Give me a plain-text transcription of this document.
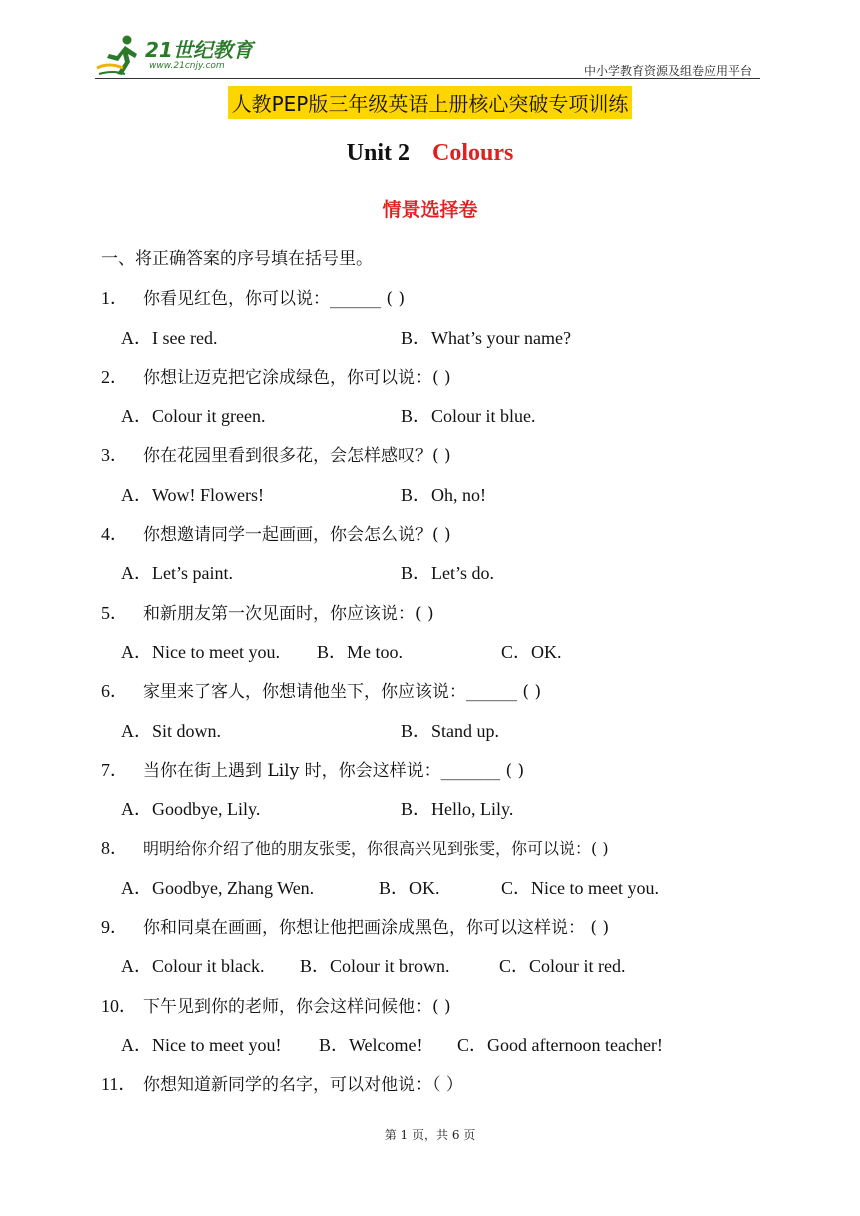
21世纪教育
www.21cnjy.com	中小学教育资源及组卷应用平台
人教PEP版三年级英语上册核心突破专项训练
Unit 2 Colours
情景选择卷
一、将正确答案的序号填在括号里。
1． 你看见红色，你可以说：______ ( )
A．I see red.	B．What’s your name?
2． 你想让迈克把它涂成绿色，你可以说：( )
A．Colour it green.	B．Colour it blue.
3． 你在花园里看到很多花，会怎样感叹？( )
A．Wow! Flowers!	B．Oh, no!
4． 你想邀请同学一起画画，你会怎么说？( )
A．Let’s paint.	B．Let’s do.
5． 和新朋友第一次见面时，你应该说：( )
A．Nice to meet you. B．Me too.	C．OK.
6． 家里来了客人，你想请他坐下，你应该说：______ ( )
A．Sit down.	B．Stand up.
7． 当你在街上遇到 Lily 时，你会这样说：_______ ( )
A．Goodbye, Lily.	B．Hello, Lily.
8． 明明给你介绍了他的朋友张雯，你很高兴见到张雯，你可以说：( )
A．Goodbye, Zhang Wen.	B．OK.	C．Nice to meet you.
9． 你和同桌在画画，你想让他把画涂成黑色，你可以这样说： ( )
A．Colour it black. B．Colour it brown.	C．Colour it red.
10． 下午见到你的老师，你会这样问候他：( )
A．Nice to meet you! B．Welcome! C．Good afternoon teacher!
11． 你想知道新同学的名字，可以对他说：（ ）
第 1 页，共 6 页
